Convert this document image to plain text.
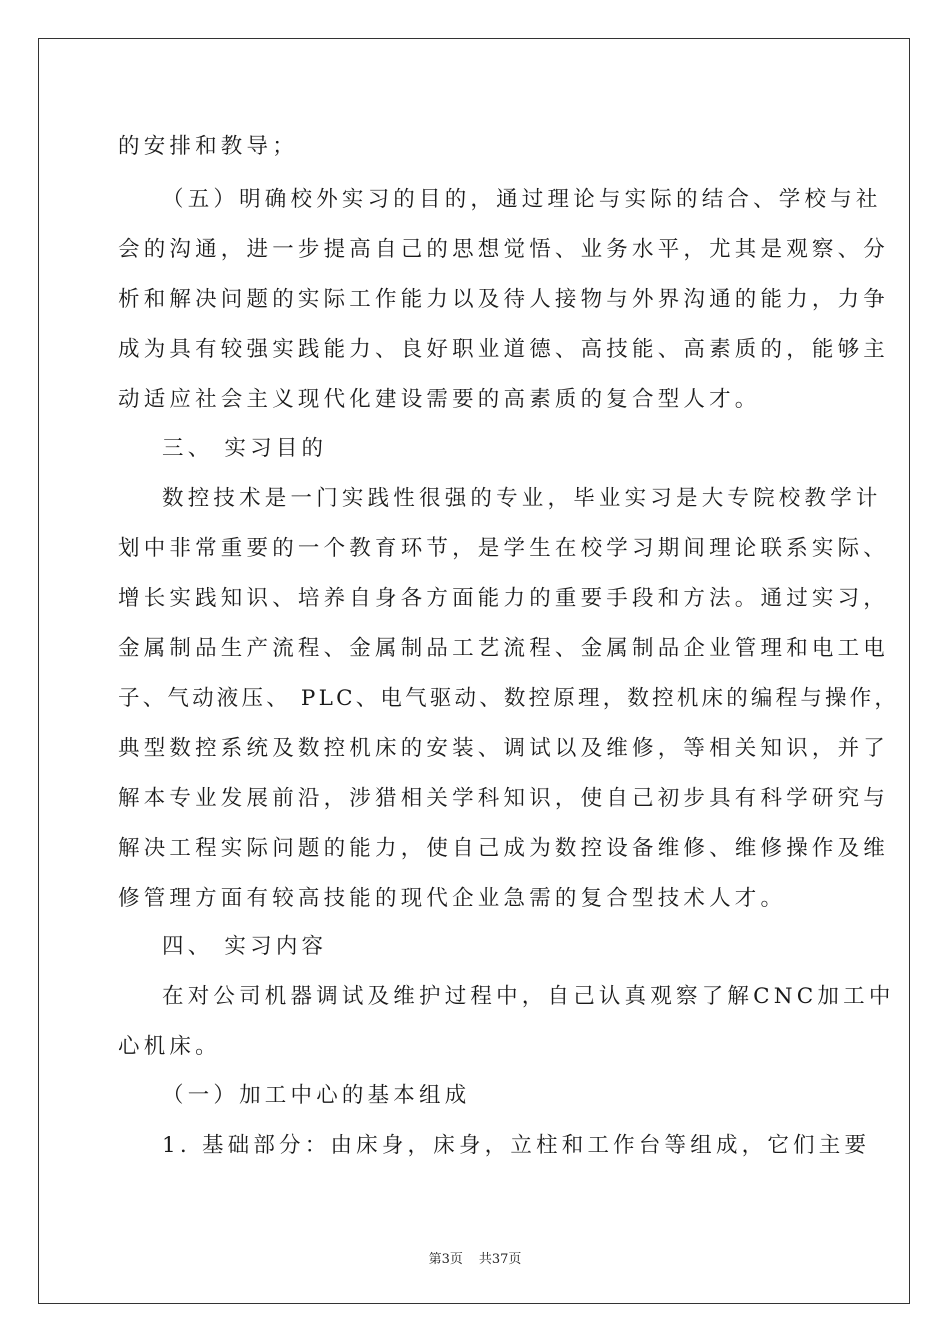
的安排和教导；
（五）明确校外实习的目的，通过理论与实际的结合、学校与社
会的沟通，进一步提高自己的思想觉悟、业务水平，尤其是观察、分
析和解决问题的实际工作能力以及待人接物与外界沟通的能力，力争
成为具有较强实践能力、良好职业道德、高技能、高素质的，能够主
动适应社会主义现代化建设需要的高素质的复合型人才。
三、 实习目的
数控技术是一门实践性很强的专业，毕业实习是大专院校教学计
划中非常重要的一个教育环节，是学生在校学习期间理论联系实际、
增长实践知识、培养自身各方面能力的重要手段和方法。通过实习，
金属制品生产流程、金属制品工艺流程、金属制品企业管理和电工电
子、气动液压、 PLC、电气驱动、数控原理，数控机床的编程与操作，
典型数控系统及数控机床的安装、调试以及维修，等相关知识，并了
解本专业发展前沿，涉猎相关学科知识，使自己初步具有科学研究与
解决工程实际问题的能力，使自己成为数控设备维修、维修操作及维
修管理方面有较高技能的现代企业急需的复合型技术人才。
四、 实习内容
在对公司机器调试及维护过程中，自己认真观察了解CNC加工中
心机床。
（一）加工中心的基本组成
1. 基础部分：由床身，床身，立柱和工作台等组成，它们主要
第3页 共37页
